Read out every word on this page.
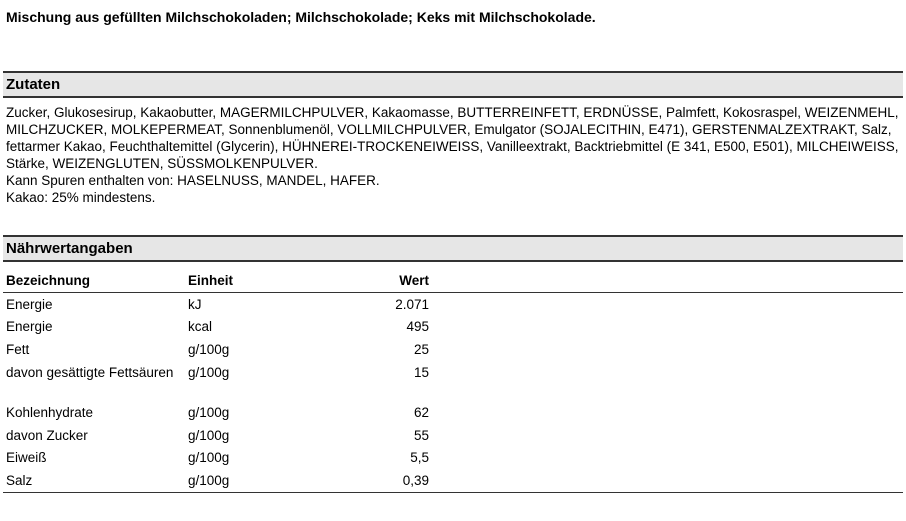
Mischung aus gefüllten Milchschokoladen; Milchschokolade; Keks mit Milchschokolade.
Zutaten

Zucker, Glukosesirup, Kakaobutter, MAGERMILCHPULVER, Kakaomasse, BUTTERREINFETT, ERDNÜSSE, Palmfett, Kokosraspel, WEIZENMEHL, MILCHZUCKER, MOLKEPERMEAT, Sonnenblumenöl, VOLLMILCHPULVER, Emulgator (SOJALECITHIN, E471), GERSTENMALZEXTRAKT, Salz, fettarmer Kakao, Feuchthaltemittel (Glycerin), HÜHNEREI-TROCKENEIWEISS, Vanilleextrakt, Backtriebmittel (E 341, E500, E501), MILCHEIWEISS, Stärke, WEIZENGLUTEN, SÜSSMOLKENPULVER.

Kann Spuren enthalten von: HASELNUSS, MANDEL, HAFER.

Kakao: 25% mindestens.

Nährwertangaben
Bezeichnung	Einheit	Wert	
Energie	kJ	2.071	
Energie	kcal	495	
Fett	g/100g	25	
davon gesättigte Fettsäuren	g/100g	15	
Kohlenhydrate	g/100g	62	
davon Zucker	g/100g	55	
Eiweiß	g/100g	5,5	
Salz	g/100g	0,39	
